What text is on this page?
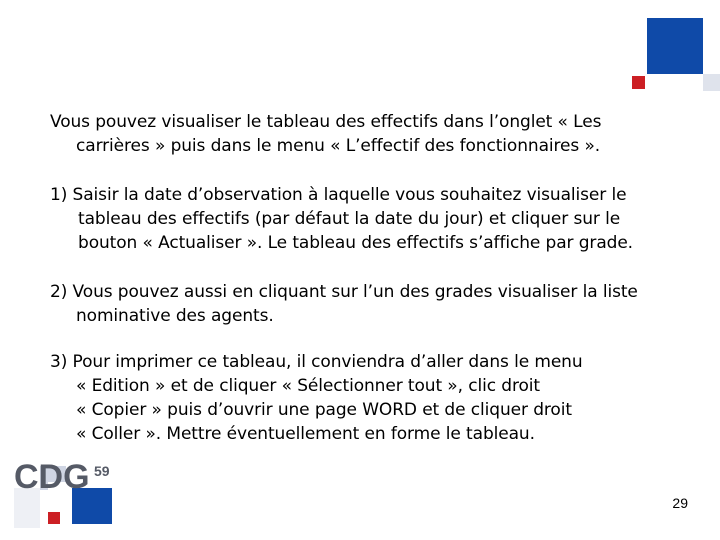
Vous pouvez visualiser le tableau des effectifs dans l’onglet « Les
carrières » puis dans le menu « L’effectif des fonctionnaires ».
1) Saisir la date d’observation à laquelle vous souhaitez visualiser le
tableau des effectifs (par défaut la date du jour) et cliquer sur le
bouton « Actualiser ». Le tableau des effectifs s’affiche par grade.
2) Vous pouvez aussi en cliquant sur l’un des grades visualiser la liste
nominative des agents.
3) Pour imprimer ce tableau, il conviendra d’aller dans le menu
« Edition » et de cliquer « Sélectionner tout », clic droit
« Copier » puis d’ouvrir une page WORD et de cliquer droit
« Coller ». Mettre éventuellement en forme le tableau.
CDG 59
29
